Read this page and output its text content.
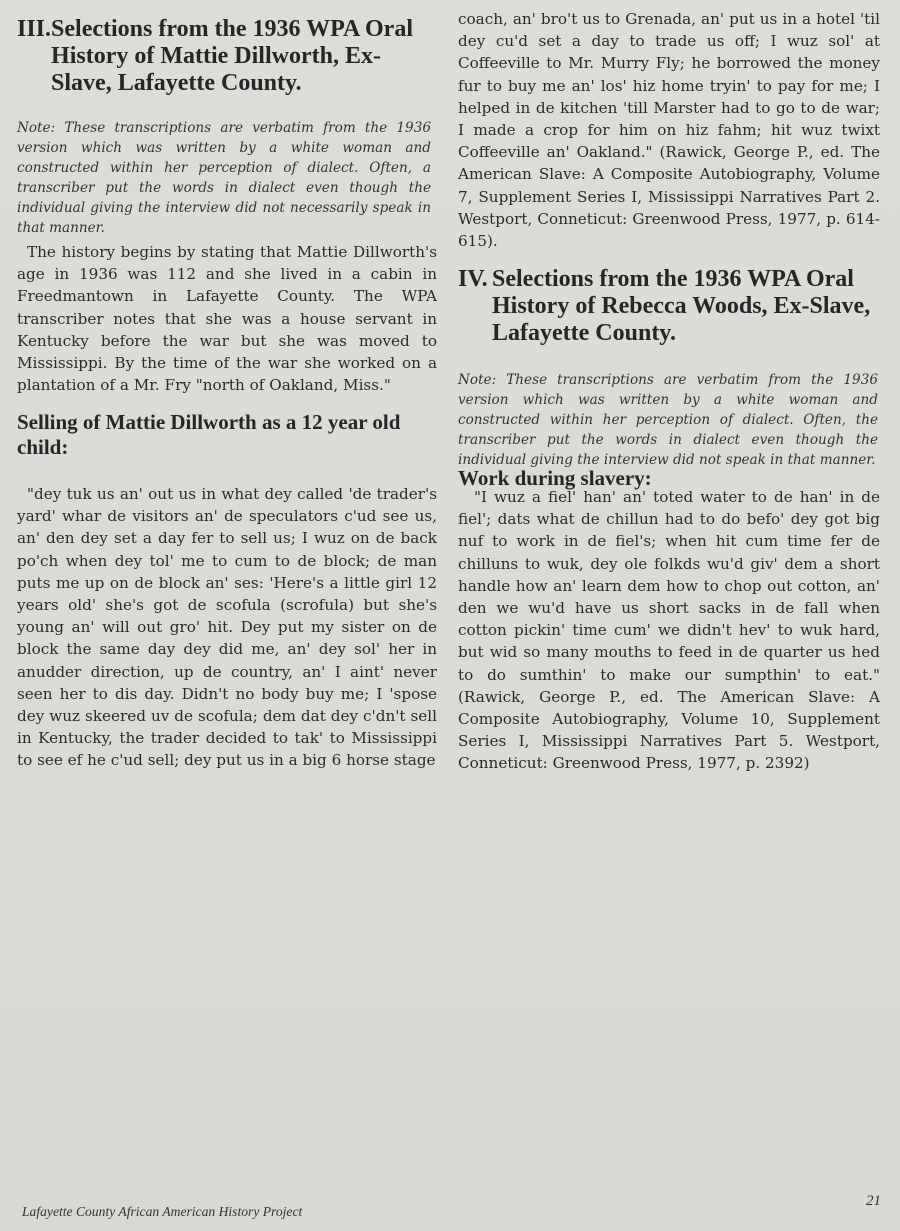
III. Selections from the 1936 WPA Oral History of Mattie Dillworth, Ex-Slave, Lafayette County.

Note: These transcriptions are verbatim from the 1936 version which was written by a white woman and constructed within her perception of dialect. Often, a transcriber put the words in dialect even though the individual giving the interview did not necessarily speak in that manner.

The history begins by stating that Mattie Dillworth's age in 1936 was 112 and she lived in a cabin in Freedmantown in Lafayette County. The WPA transcriber notes that she was a house servant in Kentucky before the war but she was moved to Mississippi. By the time of the war she worked on a plantation of a Mr. Fry "north of Oakland, Miss."

Selling of Mattie Dillworth as a 12 year old child:

"dey tuk us an' out us in what dey called 'de trader's yard' whar de visitors an' de speculators c'ud see us, an' den dey set a day fer to sell us; I wuz on de back po'ch when dey tol' me to cum to de block; de man puts me up on de block an' ses: 'Here's a little girl 12 years old' she's got de scofula (scrofula) but she's young an' will out gro' hit. Dey put my sister on de block the same day dey did me, an' dey sol' her in anudder direction, up de country, an' I aint' never seen her to dis day. Didn't no body buy me; I 'spose dey wuz skeered uv de scofula; dem dat dey c'dn't sell in Kentucky, the trader decided to tak' to Mississippi to see ef he c'ud sell; dey put us in a big 6 horse stage

coach, an' bro't us to Grenada, an' put us in a hotel 'til dey cu'd set a day to trade us off; I wuz sol' at Coffeeville to Mr. Murry Fly; he borrowed the money fur to buy me an' los' hiz home tryin' to pay for me; I helped in de kitchen 'till Marster had to go to de war; I made a crop for him on hiz fahm; hit wuz twixt Coffeeville an' Oakland." (Rawick, George P., ed. The American Slave: A Composite Autobiography, Volume 7, Supplement Series I, Mississippi Narratives Part 2. Westport, Conneticut: Greenwood Press, 1977, p. 614-615).

IV. Selections from the 1936 WPA Oral History of Rebecca Woods, Ex-Slave, Lafayette County.

Note: These transcriptions are verbatim from the 1936 version which was written by a white woman and constructed within her perception of dialect. Often, the transcriber put the words in dialect even though the individual giving the interview did not speak in that manner.

Work during slavery:

"I wuz a fiel' han' an' toted water to de han' in de fiel'; dats what de chillun had to do befo' dey got big nuf to work in de fiel's; when hit cum time fer de chilluns to wuk, dey ole folkds wu'd giv' dem a short handle how an' learn dem how to chop out cotton, an' den we wu'd have us short sacks in de fall when cotton pickin' time cum' we didn't hev' to wuk hard, but wid so many mouths to feed in de quarter us hed to do sumthin' to make our sumpthin' to eat." (Rawick, George P., ed. The American Slave: A Composite Autobiography, Volume 10, Supplement Series I, Mississippi Narratives Part 5. Westport, Conneticut: Greenwood Press, 1977, p. 2392)

Lafayette County African American History Project
21
